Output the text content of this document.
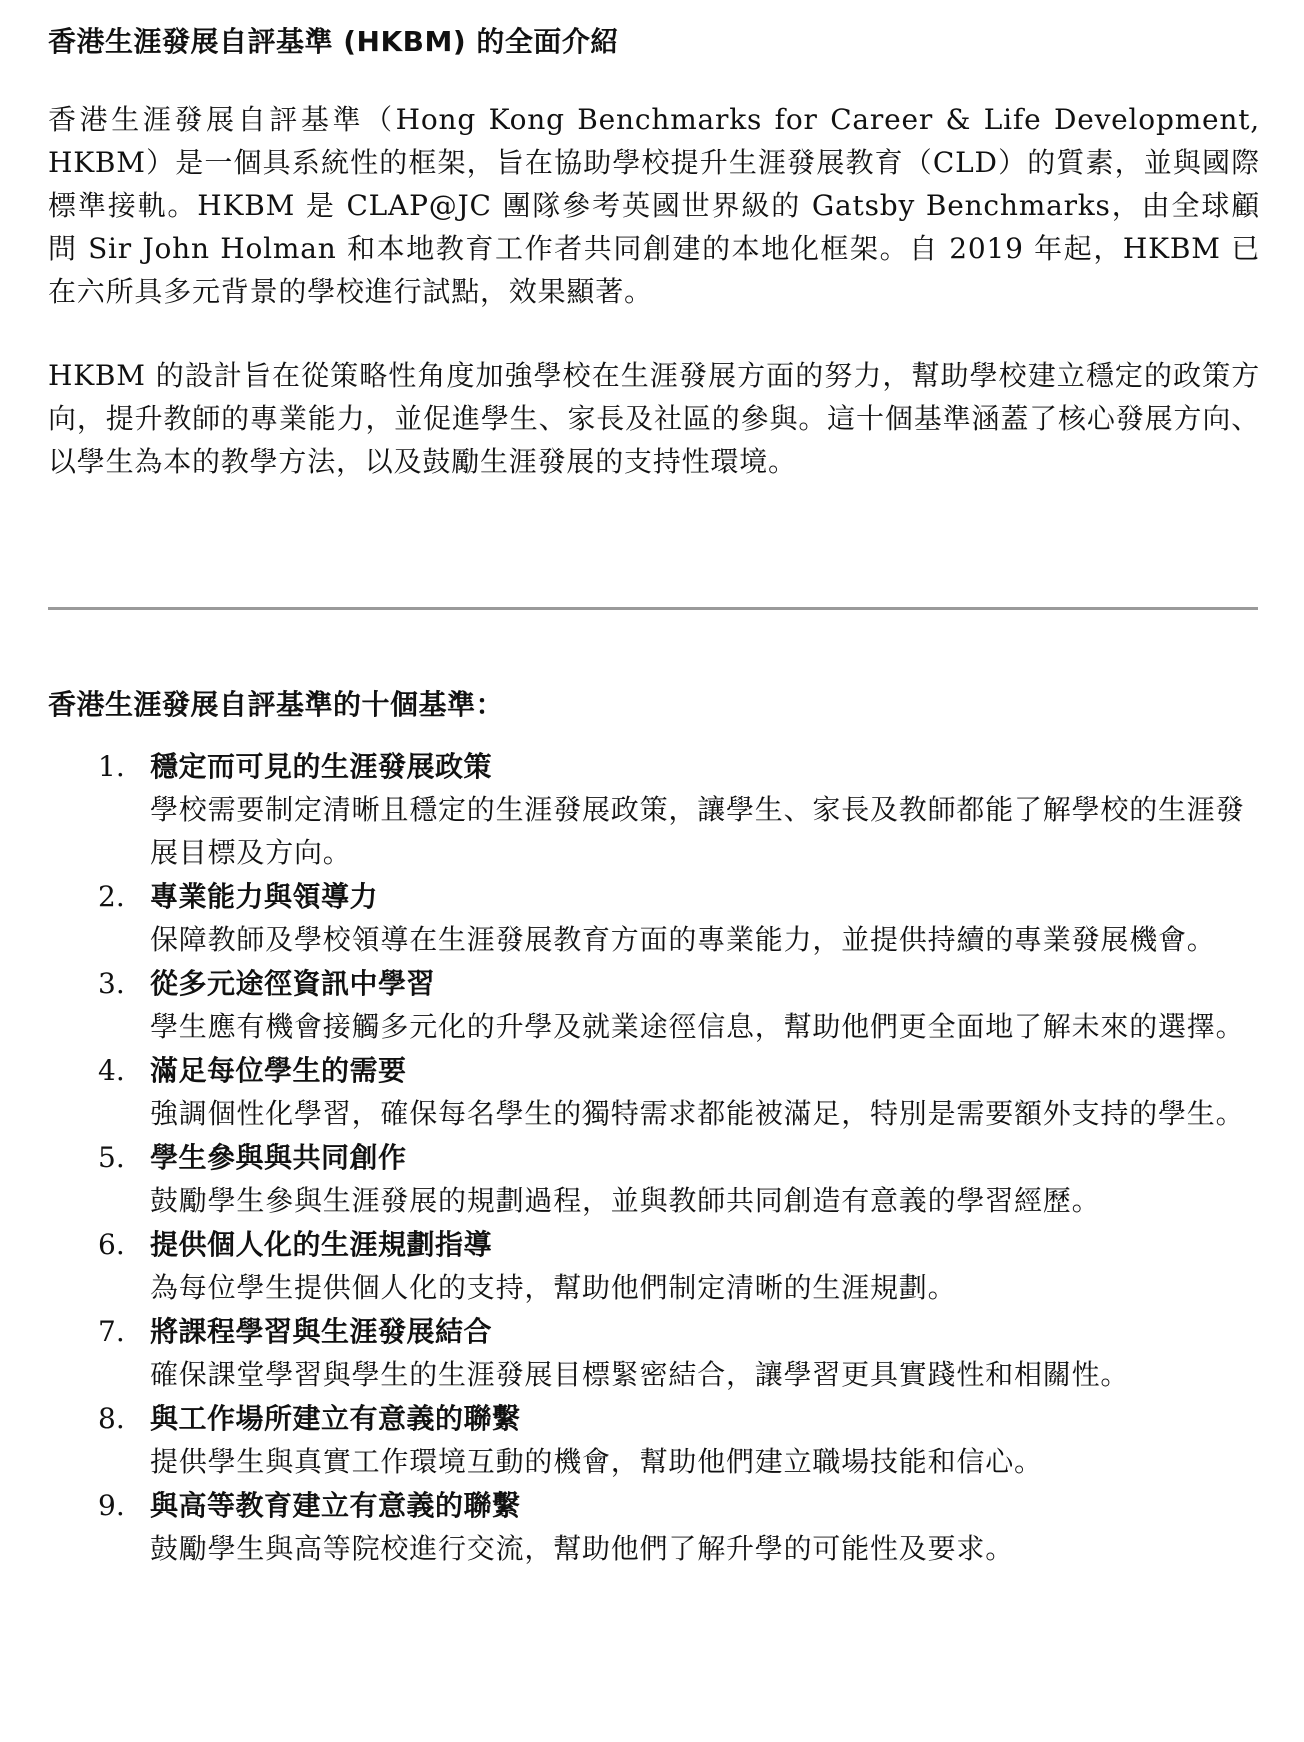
香港生涯發展自評基準 (HKBM) 的全面介紹

香港生涯發展自評基準（Hong Kong Benchmarks for Career & Life Development, HKBM）是一個具系統性的框架，旨在協助學校提升生涯發展教育（CLD）的質素，並與國際標準接軌。HKBM 是 CLAP@JC 團隊參考英國世界級的 Gatsby Benchmarks，由全球顧問 Sir John Holman 和本地教育工作者共同創建的本地化框架。自 2019 年起，HKBM 已在六所具多元背景的學校進行試點，效果顯著。

HKBM 的設計旨在從策略性角度加強學校在生涯發展方面的努力，幫助學校建立穩定的政策方向，提升教師的專業能力，並促進學生、家長及社區的參與。這十個基準涵蓋了核心發展方向、以學生為本的教學方法，以及鼓勵生涯發展的支持性環境。

香港生涯發展自評基準的十個基準：
1. 穩定而可見的生涯發展政策
學校需要制定清晰且穩定的生涯發展政策，讓學生、家長及教師都能了解學校的生涯發展目標及方向。
2. 專業能力與領導力
保障教師及學校領導在生涯發展教育方面的專業能力，並提供持續的專業發展機會。
3. 從多元途徑資訊中學習
學生應有機會接觸多元化的升學及就業途徑信息，幫助他們更全面地了解未來的選擇。
4. 滿足每位學生的需要
強調個性化學習，確保每名學生的獨特需求都能被滿足，特別是需要額外支持的學生。
5. 學生參與與共同創作
鼓勵學生參與生涯發展的規劃過程，並與教師共同創造有意義的學習經歷。
6. 提供個人化的生涯規劃指導
為每位學生提供個人化的支持，幫助他們制定清晰的生涯規劃。
7. 將課程學習與生涯發展結合
確保課堂學習與學生的生涯發展目標緊密結合，讓學習更具實踐性和相關性。
8. 與工作場所建立有意義的聯繫
提供學生與真實工作環境互動的機會，幫助他們建立職場技能和信心。
9. 與高等教育建立有意義的聯繫
鼓勵學生與高等院校進行交流，幫助他們了解升學的可能性及要求。
